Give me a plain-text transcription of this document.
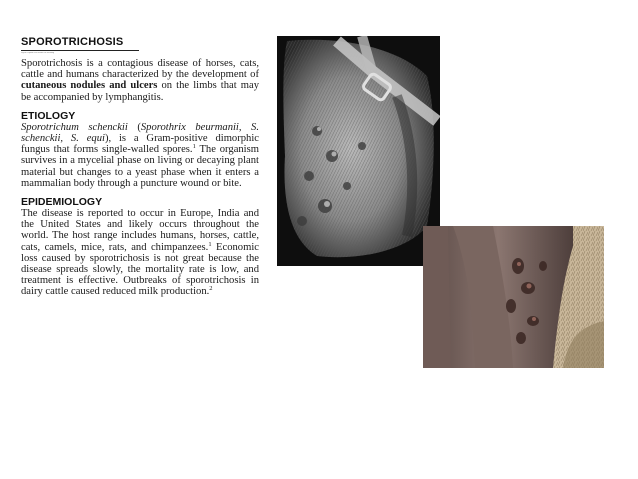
SPOROTRICHOSIS
Figure caption text under the heading

Sporotrichosis is a contagious disease of horses, cats, cattle and humans characterized by the development of cutaneous nodules and ulcers on the limbs that may be accompanied by lymphangitis.

ETIOLOGY

Sporotrichum schenckii (Sporothrix beurmanii, S. schenckii, S. equi), is a Gram-positive dimorphic fungus that forms single-walled spores.$^1$ The organism survives in a mycelial phase on living or decaying plant material but changes to a yeast phase when it enters a mammalian body through a puncture wound or bite.

EPIDEMIOLOGY

The disease is reported to occur in Europe, India and the United States and likely occurs throughout the world. The host range includes humans, horses, cattle, cats, camels, mice, rats, and chimpanzees.$^1$ Economic loss caused by sporotrichosis is not great because the disease spreads slowly, the mortality rate is low, and treatment is effective. Outbreaks of sporotrichosis in dairy cattle caused reduced milk production.$^2$
